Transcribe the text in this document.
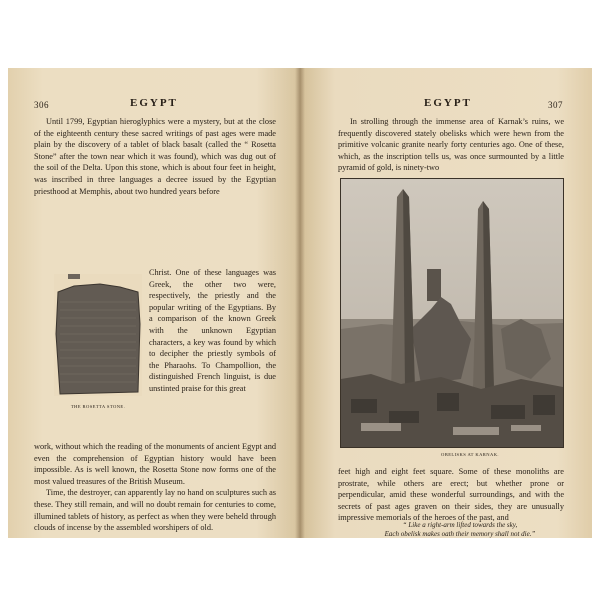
306	EGYPT

Until 1799, Egyptian hieroglyphics were a mystery, but at the close of the eighteenth century these sacred writings of past ages were made plain by the discovery of a tablet of black basalt (called the “ Rosetta Stone” after the town near which it was found), which was dug out of the soil of the Delta. Upon this stone, which is about four feet in height, was inscribed in three languages a decree issued by the Egyptian priesthood at Memphis, about two hundred years before

THE ROSETTA STONE.

Christ. One of these languages was Greek, the other two were, respectively, the priestly and the popular writing of the Egyptians. By a comparison of the known Greek with the unknown Egyptian characters, a key was found by which to decipher the priestly symbols of the Pharaohs. To Champollion, the distinguished French linguist, is due unstinted praise for this great

work, without which the reading of the monuments of ancient Egypt and even the comprehension of Egyptian history would have been impossible. As is well known, the Rosetta Stone now forms one of the most valued treasures of the British Museum.

Time, the destroyer, can apparently lay no hand on sculptures such as these. They still remain, and will no doubt remain for centuries to come, illumined tablets of history, as perfect as when they were beheld through clouds of incense by the assembled worshipers of old.

EGYPT	307

In strolling through the immense area of Karnak’s ruins, we frequently discovered stately obelisks which were hewn from the primitive volcanic granite nearly forty centuries ago. One of these, which, as the inscription tells us, was once surmounted by a little pyramid of gold, is ninety-two

OBELISKS AT KARNAK.

feet high and eight feet square. Some of these monoliths are prostrate, while others are erect; but whether prone or perpendicular, amid these wonderful surroundings, and with the secrets of past ages graven on their sides, they are unusually impressive memorials of the heroes of the past, and

“ Like a right-arm lifted towards the sky,
Each obelisk makes oath their memory shall not die.”
